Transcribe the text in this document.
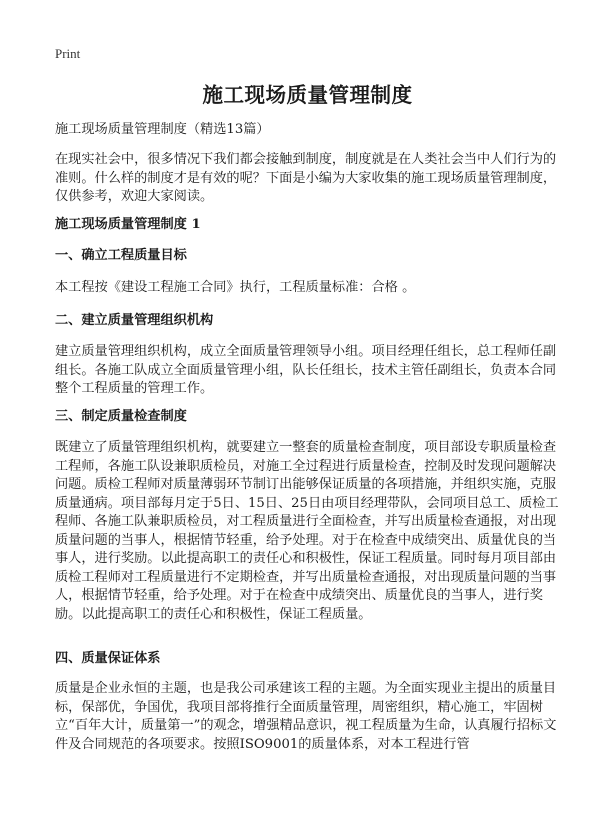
Print
施工现场质量管理制度

施工现场质量管理制度（精选13篇）

在现实社会中，很多情况下我们都会接触到制度，制度就是在人类社会当中人们行为的准则。什么样的制度才是有效的呢？下面是小编为大家收集的施工现场质量管理制度，仅供参考，欢迎大家阅读。

施工现场质量管理制度 1

一、确立工程质量目标

本工程按《建设工程施工合同》执行，工程质量标准：合格 。

二、建立质量管理组织机构

建立质量管理组织机构，成立全面质量管理领导小组。项目经理任组长，总工程师任副组长。各施工队成立全面质量管理小组，队长任组长，技术主管任副组长，负责本合同整个工程质量的管理工作。

三、制定质量检查制度

既建立了质量管理组织机构，就要建立一整套的质量检查制度，项目部设专职质量检查工程师，各施工队设兼职质检员，对施工全过程进行质量检查，控制及时发现问题解决问题。质检工程师对质量薄弱环节制订出能够保证质量的各项措施，并组织实施，克服质量通病。项目部每月定于5日、15日、25日由项目经理带队，会同项目总工、质检工程师、各施工队兼职质检员，对工程质量进行全面检查，并写出质量检查通报，对出现质量问题的当事人，根据情节轻重，给予处理。对于在检查中成绩突出、质量优良的当事人，进行奖励。以此提高职工的责任心和积极性，保证工程质量。同时每月项目部由质检工程师对工程质量进行不定期检查，并写出质量检查通报，对出现质量问题的当事人，根据情节轻重，给予处理。对于在检查中成绩突出、质量优良的当事人，进行奖励。以此提高职工的责任心和积极性，保证工程质量。

四、质量保证体系

质量是企业永恒的主题，也是我公司承建该工程的主题。为全面实现业主提出的质量目标，保部优，争国优，我项目部将推行全面质量管理，周密组织，精心施工，牢固树立“百年大计，质量第一”的观念，增强精品意识，视工程质量为生命，认真履行招标文件及合同规范的各项要求。按照ISO9001的质量体系，对本工程进行管
